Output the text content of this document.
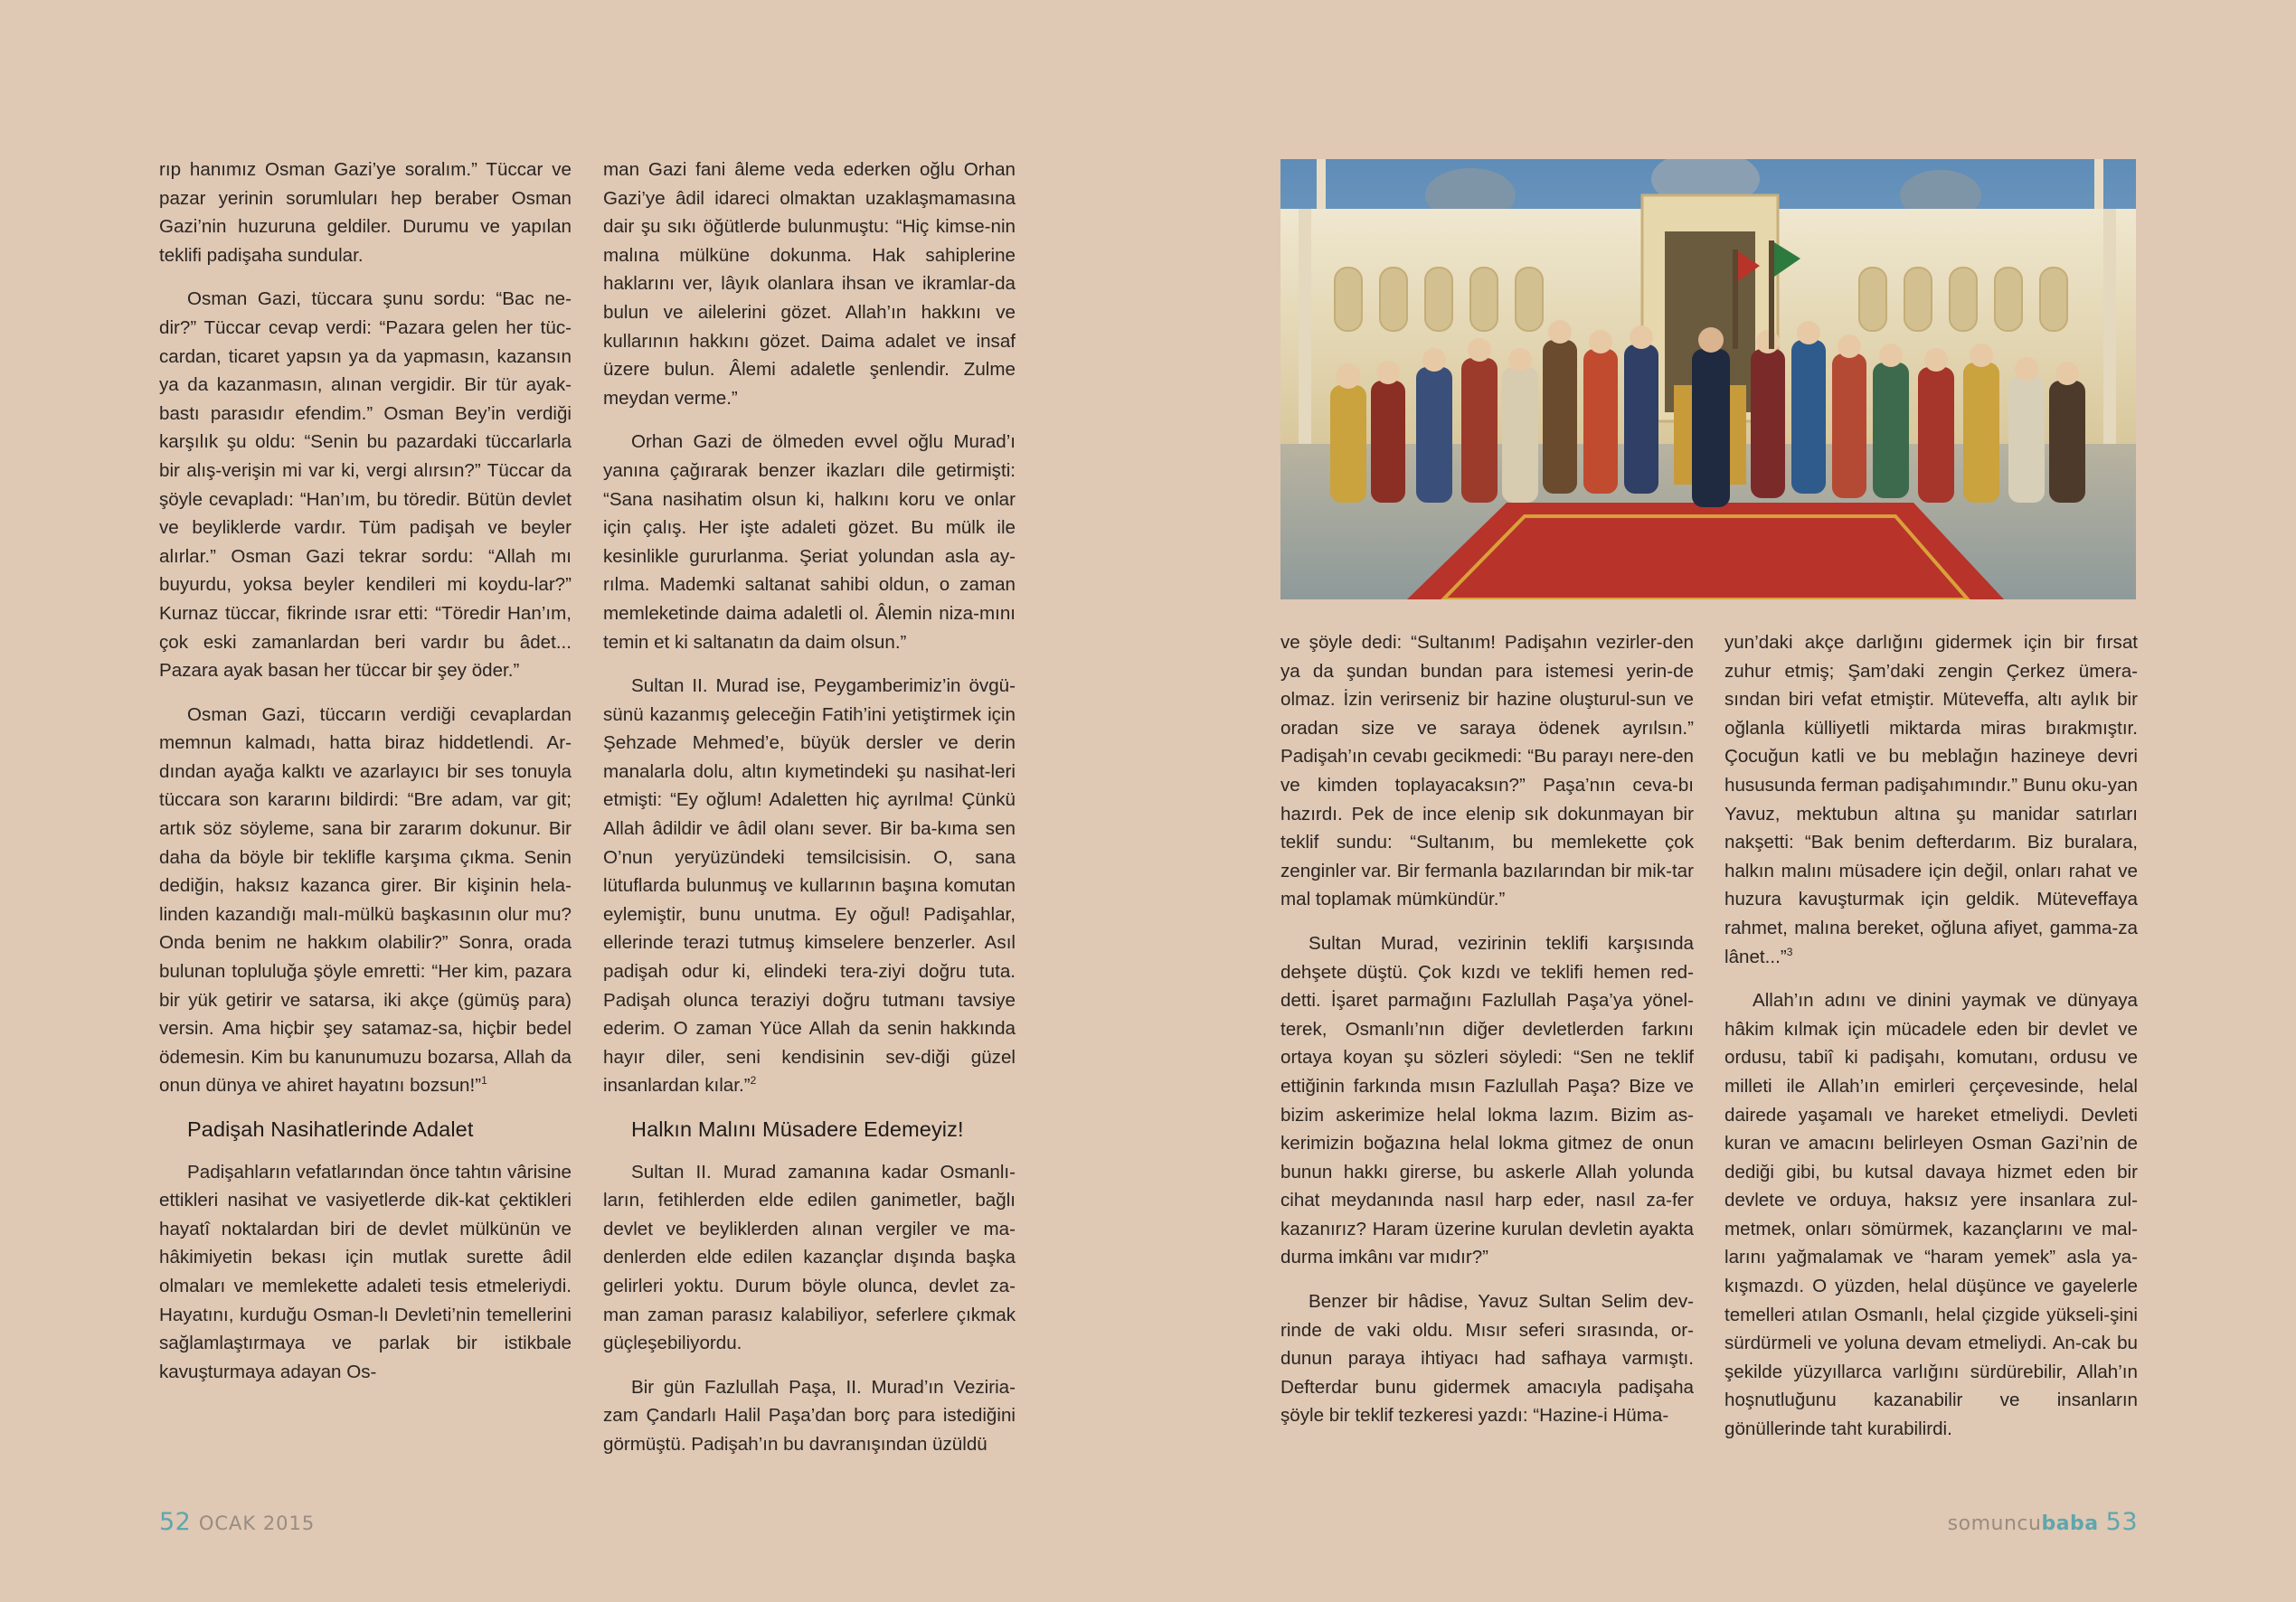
rıp hanımız Osman Gazi’ye soralım.” Tüccar ve pazar yerinin sorumluları hep beraber Osman Gazi’nin huzuruna geldiler. Durumu ve yapılan teklifi padişaha sundular.

Osman Gazi, tüccara şunu sordu: “Bac ne-dir?” Tüccar cevap verdi: “Pazara gelen her tüc-cardan, ticaret yapsın ya da yapmasın, kazansın ya da kazanmasın, alınan vergidir. Bir tür ayak-bastı parasıdır efendim.” Osman Bey’in verdiği karşılık şu oldu: “Senin bu pazardaki tüccarlarla bir alış-verişin mi var ki, vergi alırsın?” Tüccar da şöyle cevapladı: “Han’ım, bu töredir. Bütün devlet ve beyliklerde vardır. Tüm padişah ve beyler alırlar.” Osman Gazi tekrar sordu: “Allah mı buyurdu, yoksa beyler kendileri mi koydu-lar?” Kurnaz tüccar, fikrinde ısrar etti: “Töredir Han’ım, çok eski zamanlardan beri vardır bu âdet... Pazara ayak basan her tüccar bir şey öder.”

Osman Gazi, tüccarın verdiği cevaplardan memnun kalmadı, hatta biraz hiddetlendi. Ar-dından ayağa kalktı ve azarlayıcı bir ses tonuyla tüccara son kararını bildirdi: “Bre adam, var git; artık söz söyleme, sana bir zararım dokunur. Bir daha da böyle bir teklifle karşıma çıkma. Senin dediğin, haksız kazanca girer. Bir kişinin hela-linden kazandığı malı-mülkü başkasının olur mu? Onda benim ne hakkım olabilir?” Sonra, orada bulunan topluluğa şöyle emretti: “Her kim, pazara bir yük getirir ve satarsa, iki akçe (gümüş para) versin. Ama hiçbir şey satamaz-sa, hiçbir bedel ödemesin. Kim bu kanunumuzu bozarsa, Allah da onun dünya ve ahiret hayatını bozsun!”$^1$

Padişah Nasihatlerinde Adalet

Padişahların vefatlarından önce tahtın vârisine ettikleri nasihat ve vasiyetlerde dik-kat çektikleri hayatî noktalardan biri de devlet mülkünün ve hâkimiyetin bekası için mutlak surette âdil olmaları ve memlekette adaleti tesis etmeleriydi. Hayatını, kurduğu Osman-lı Devleti’nin temellerini sağlamlaştırmaya ve parlak bir istikbale kavuşturmaya adayan Os-

man Gazi fani âleme veda ederken oğlu Orhan Gazi’ye âdil idareci olmaktan uzaklaşmamasına dair şu sıkı öğütlerde bulunmuştu: “Hiç kimse-nin malına mülküne dokunma. Hak sahiplerine haklarını ver, lâyık olanlara ihsan ve ikramlar-da bulun ve ailelerini gözet. Allah’ın hakkını ve kullarının hakkını gözet. Daima adalet ve insaf üzere bulun. Âlemi adaletle şenlendir. Zulme meydan verme.”

Orhan Gazi de ölmeden evvel oğlu Murad’ı yanına çağırarak benzer ikazları dile getirmişti: “Sana nasihatim olsun ki, halkını koru ve onlar için çalış. Her işte adaleti gözet. Bu mülk ile kesinlikle gururlanma. Şeriat yolundan asla ay-rılma. Mademki saltanat sahibi oldun, o zaman memleketinde daima adaletli ol. Âlemin niza-mını temin et ki saltanatın da daim olsun.”

Sultan II. Murad ise, Peygamberimiz’in övgü-sünü kazanmış geleceğin Fatih’ini yetiştirmek için Şehzade Mehmed’e, büyük dersler ve derin manalarla dolu, altın kıymetindeki şu nasihat-leri etmişti: “Ey oğlum! Adaletten hiç ayrılma! Çünkü Allah âdildir ve âdil olanı sever. Bir ba-kıma sen O’nun yeryüzündeki temsilcisisin. O, sana lütuflarda bulunmuş ve kullarının başına komutan eylemiştir, bunu unutma. Ey oğul! Padişahlar, ellerinde terazi tutmuş kimselere benzerler. Asıl padişah odur ki, elindeki tera-ziyi doğru tuta. Padişah olunca teraziyi doğru tutmanı tavsiye ederim. O zaman Yüce Allah da senin hakkında hayır diler, seni kendisinin sev-diği güzel insanlardan kılar.”$^2$

Halkın Malını Müsadere Edemeyiz!

Sultan II. Murad zamanına kadar Osmanlı-ların, fetihlerden elde edilen ganimetler, bağlı devlet ve beyliklerden alınan vergiler ve ma-denlerden elde edilen kazançlar dışında başka gelirleri yoktu. Durum böyle olunca, devlet za-man zaman parasız kalabiliyor, seferlere çıkmak güçleşebiliyordu.

Bir gün Fazlullah Paşa, II. Murad’ın Veziria-zam Çandarlı Halil Paşa’dan borç para istediğini görmüştü. Padişah’ın bu davranışından üzüldü

ve şöyle dedi: “Sultanım! Padişahın vezirler-den ya da şundan bundan para istemesi yerin-de olmaz. İzin verirseniz bir hazine oluşturul-sun ve oradan size ve saraya ödenek ayrılsın.” Padişah’ın cevabı gecikmedi: “Bu parayı nere-den ve kimden toplayacaksın?” Paşa’nın ceva-bı hazırdı. Pek de ince elenip sık dokunmayan bir teklif sundu: “Sultanım, bu memlekette çok zenginler var. Bir fermanla bazılarından bir mik-tar mal toplamak mümkündür.”

Sultan Murad, vezirinin teklifi karşısında dehşete düştü. Çok kızdı ve teklifi hemen red-detti. İşaret parmağını Fazlullah Paşa’ya yönel-terek, Osmanlı’nın diğer devletlerden farkını ortaya koyan şu sözleri söyledi: “Sen ne teklif ettiğinin farkında mısın Fazlullah Paşa? Bize ve bizim askerimize helal lokma lazım. Bizim as-kerimizin boğazına helal lokma gitmez de onun bunun hakkı girerse, bu askerle Allah yolunda cihat meydanında nasıl harp eder, nasıl za-fer kazanırız? Haram üzerine kurulan devletin ayakta durma imkânı var mıdır?”

Benzer bir hâdise, Yavuz Sultan Selim dev-rinde de vaki oldu. Mısır seferi sırasında, or-dunun paraya ihtiyacı had safhaya varmıştı. Defterdar bunu gidermek amacıyla padişaha şöyle bir teklif tezkeresi yazdı: “Hazine-i Hüma-

yun’daki akçe darlığını gidermek için bir fırsat zuhur etmiş; Şam’daki zengin Çerkez ümera-sından biri vefat etmiştir. Müteveffa, altı aylık bir oğlanla külliyetli miktarda miras bırakmıştır. Çocuğun katli ve bu meblağın hazineye devri hususunda ferman padişahımındır.” Bunu oku-yan Yavuz, mektubun altına şu manidar satırları nakşetti: “Bak benim defterdarım. Biz buralara, halkın malını müsadere için değil, onları rahat ve huzura kavuşturmak için geldik. Müteveffaya rahmet, malına bereket, oğluna afiyet, gamma-za lânet...”$^3$

Allah’ın adını ve dinini yaymak ve dünyaya hâkim kılmak için mücadele eden bir devlet ve ordusu, tabiî ki padişahı, komutanı, ordusu ve milleti ile Allah’ın emirleri çerçevesinde, helal dairede yaşamalı ve hareket etmeliydi. Devleti kuran ve amacını belirleyen Osman Gazi’nin de dediği gibi, bu kutsal davaya hizmet eden bir devlete ve orduya, haksız yere insanlara zul-metmek, onları sömürmek, kazançlarını ve mal-larını yağmalamak ve “haram yemek” asla ya-kışmazdı. O yüzden, helal düşünce ve gayelerle temelleri atılan Osmanlı, helal çizgide yükseli-şini sürdürmeli ve yoluna devam etmeliydi. An-cak bu şekilde yüzyıllarca varlığını sürdürebilir, Allah’ın hoşnutluğunu kazanabilir ve insanların gönüllerinde taht kurabilirdi.

52 OCAK 2015	somuncubaba 53
